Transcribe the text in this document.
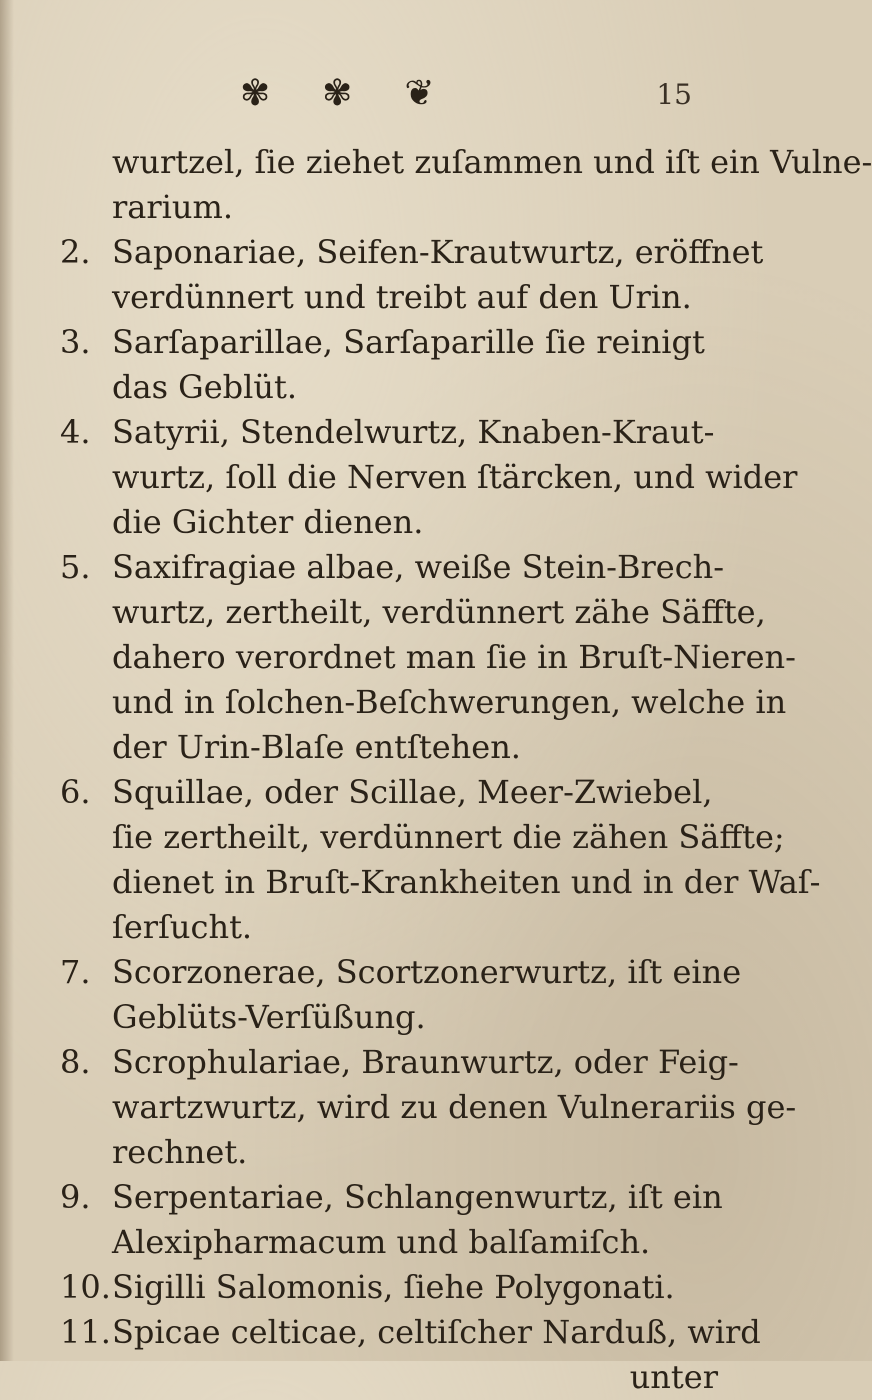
✾ ✾ ❦	15
wurtzel, ſie ziehet zuſammen und iſt ein Vulne-
rarium.
2. Saponariae, Seifen-Krautwurtz, eröffnet
verdünnert und treibt auf den Urin.
3. Sarſaparillae, Sarſaparille ſie reinigt
das Geblüt.
4. Satyrii, Stendelwurtz, Knaben-Kraut-
wurtz, ſoll die Nerven ſtärcken, und wider
die Gichter dienen.
5. Saxifragiae albae, weiße Stein-Brech-
wurtz, zertheilt, verdünnert zähe Säffte,
dahero verordnet man ſie in Bruſt-Nieren-
und in ſolchen-Beſchwerungen, welche in
der Urin-Blaſe entſtehen.
6. Squillae, oder Scillae, Meer-Zwiebel,
ſie zertheilt, verdünnert die zähen Säffte;
dienet in Bruſt-Krankheiten und in der Waſ-
ſerſucht.
7. Scorzonerae, Scortzonerwurtz, iſt eine
Geblüts-Verſüßung.
8. Scrophulariae, Braunwurtz, oder Feig-
wartzwurtz, wird zu denen Vulnerariis ge-
rechnet.
9. Serpentariae, Schlangenwurtz, iſt ein
Alexipharmacum und balſamiſch.
10.Sigilli Salomonis, ſiehe Polygonati.
11.Spicae celticae, celtiſcher Narduß, wird
unter
